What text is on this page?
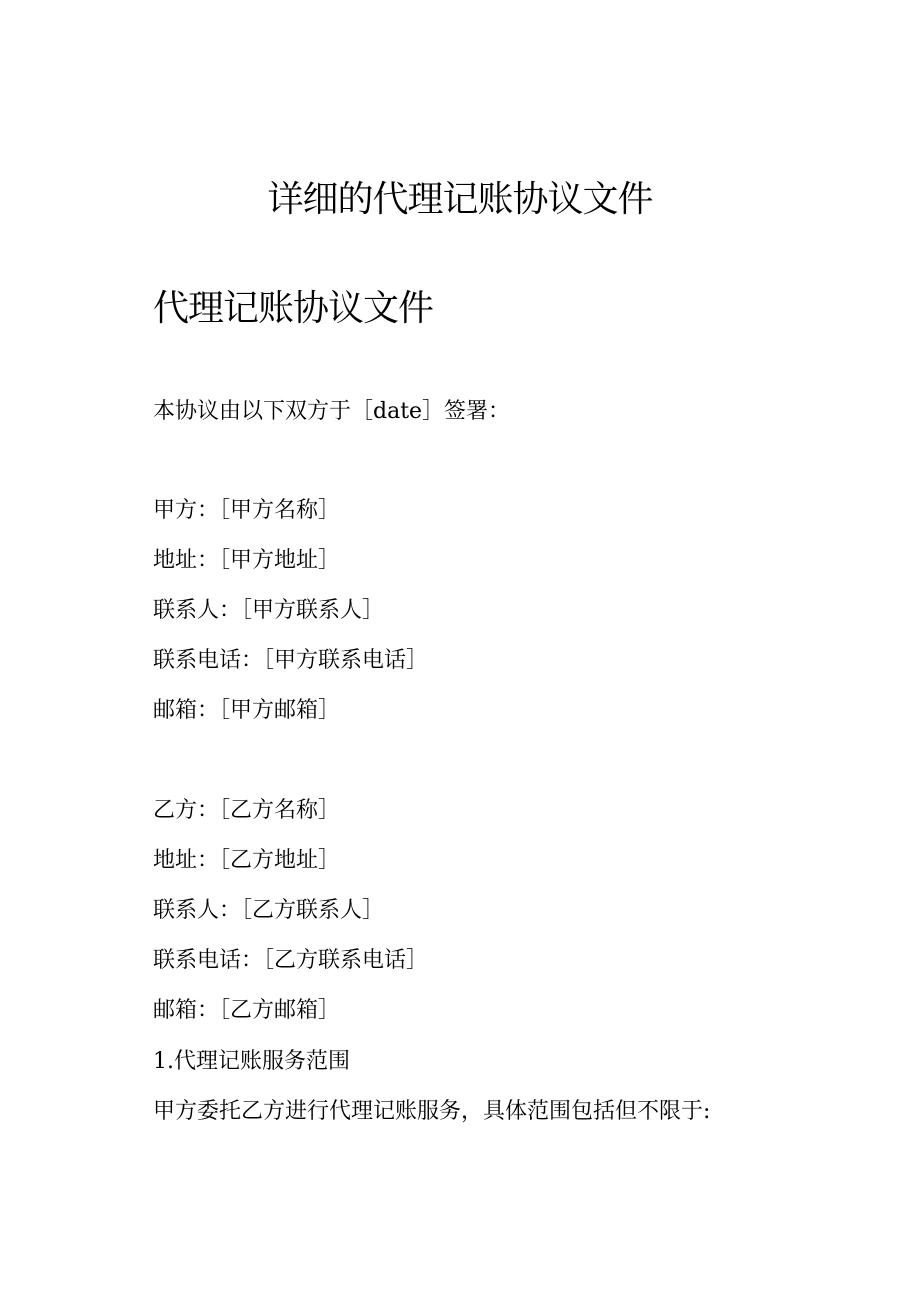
详细的代理记账协议文件
代理记账协议文件
本协议由以下双方于［date］签署：
甲方：［甲方名称］
地址：［甲方地址］
联系人：［甲方联系人］
联系电话：［甲方联系电话］
邮箱：［甲方邮箱］
乙方：［乙方名称］
地址：［乙方地址］
联系人：［乙方联系人］
联系电话：［乙方联系电话］
邮箱：［乙方邮箱］
1.代理记账服务范围
甲方委托乙方进行代理记账服务，具体范围包括但不限于:
